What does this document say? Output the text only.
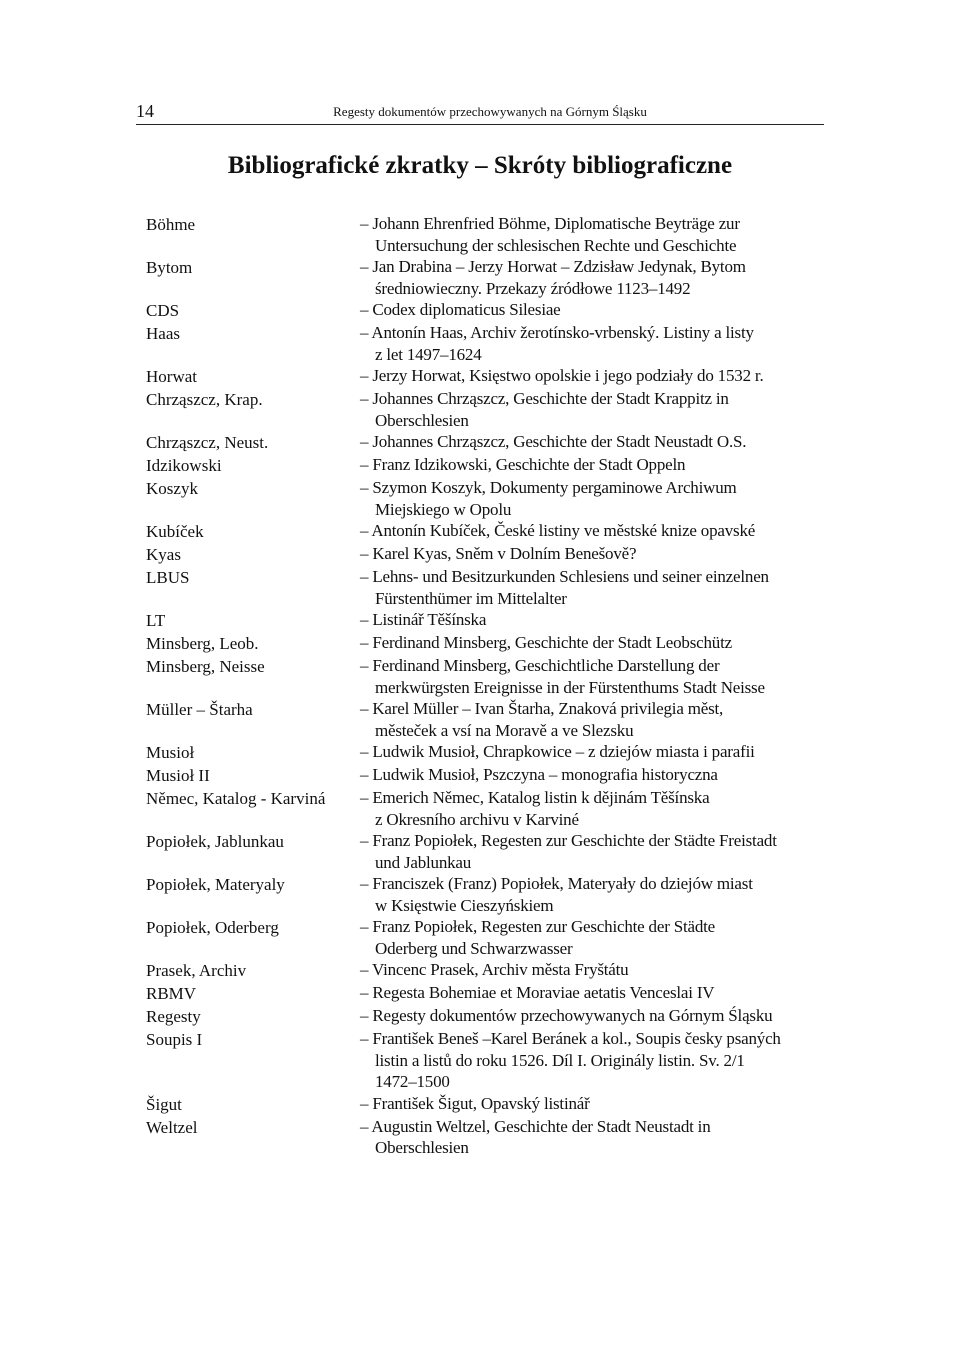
14	Regesty dokumentów przechowywanych na Górnym Śląsku
Bibliografické zkratky – Skróty bibliograficzne
Böhme	– Johann Ehrenfried Böhme, Diplomatische Beyträge zur
Untersuchung der schlesischen Rechte und Geschichte
Bytom	– Jan Drabina – Jerzy Horwat – Zdzisław Jedynak, Bytom
średniowieczny. Przekazy źródłowe 1123–1492
CDS	– Codex diplomaticus Silesiae
Haas	– Antonín Haas, Archiv žerotínsko-vrbenský. Listiny a listy
z let 1497–1624
Horwat	– Jerzy Horwat, Księstwo opolskie i jego podziały do 1532 r.
Chrząszcz, Krap.	– Johannes Chrząszcz, Geschichte der Stadt Krappitz in
Oberschlesien
Chrząszcz, Neust.	– Johannes Chrząszcz, Geschichte der Stadt Neustadt O.S.
Idzikowski	– Franz Idzikowski, Geschichte der Stadt Oppeln
Koszyk	– Szymon Koszyk, Dokumenty pergaminowe Archiwum
Miejskiego w Opolu
Kubíček	– Antonín Kubíček, České listiny ve městské knize opavské
Kyas	– Karel Kyas, Sněm v Dolním Benešově?
LBUS	– Lehns- und Besitzurkunden Schlesiens und seiner einzelnen
Fürstenthümer im Mittelalter
LT	– Listinář Těšínska
Minsberg, Leob.	– Ferdinand Minsberg, Geschichte der Stadt Leobschütz
Minsberg, Neisse	– Ferdinand Minsberg, Geschichtliche Darstellung der
merkwürgsten Ereignisse in der Fürstenthums Stadt Neisse
Müller – Štarha	– Karel Müller – Ivan Štarha, Znaková privilegia měst,
městeček a vsí na Moravě a ve Slezsku
Musioł	– Ludwik Musioł, Chrapkowice – z dziejów miasta i parafii
Musioł II	– Ludwik Musioł, Pszczyna – monografia historyczna
Němec, Katalog - Karviná – Emerich Němec, Katalog listin k dějinám Těšínska
z Okresního archivu v Karviné
Popiołek, Jablunkau	– Franz Popiołek, Regesten zur Geschichte der Städte Freistadt
und Jablunkau
Popiołek, Materyaly	– Franciszek (Franz) Popiołek, Materyały do dziejów miast
w Księstwie Cieszyńskiem
Popiołek, Oderberg	– Franz Popiołek, Regesten zur Geschichte der Städte
Oderberg und Schwarzwasser
Prasek, Archiv	– Vincenc Prasek, Archiv města Fryštátu
RBMV	– Regesta Bohemiae et Moraviae aetatis Venceslai IV
Regesty	– Regesty dokumentów przechowywanych na Górnym Śląsku
Soupis I	– František Beneš –Karel Beránek a kol., Soupis česky psaných
listin a listů do roku 1526. Díl I. Originály listin. Sv. 2/1
1472–1500
Šigut	– František Šigut, Opavský listinář
Weltzel	– Augustin Weltzel, Geschichte der Stadt Neustadt in
Oberschlesien
